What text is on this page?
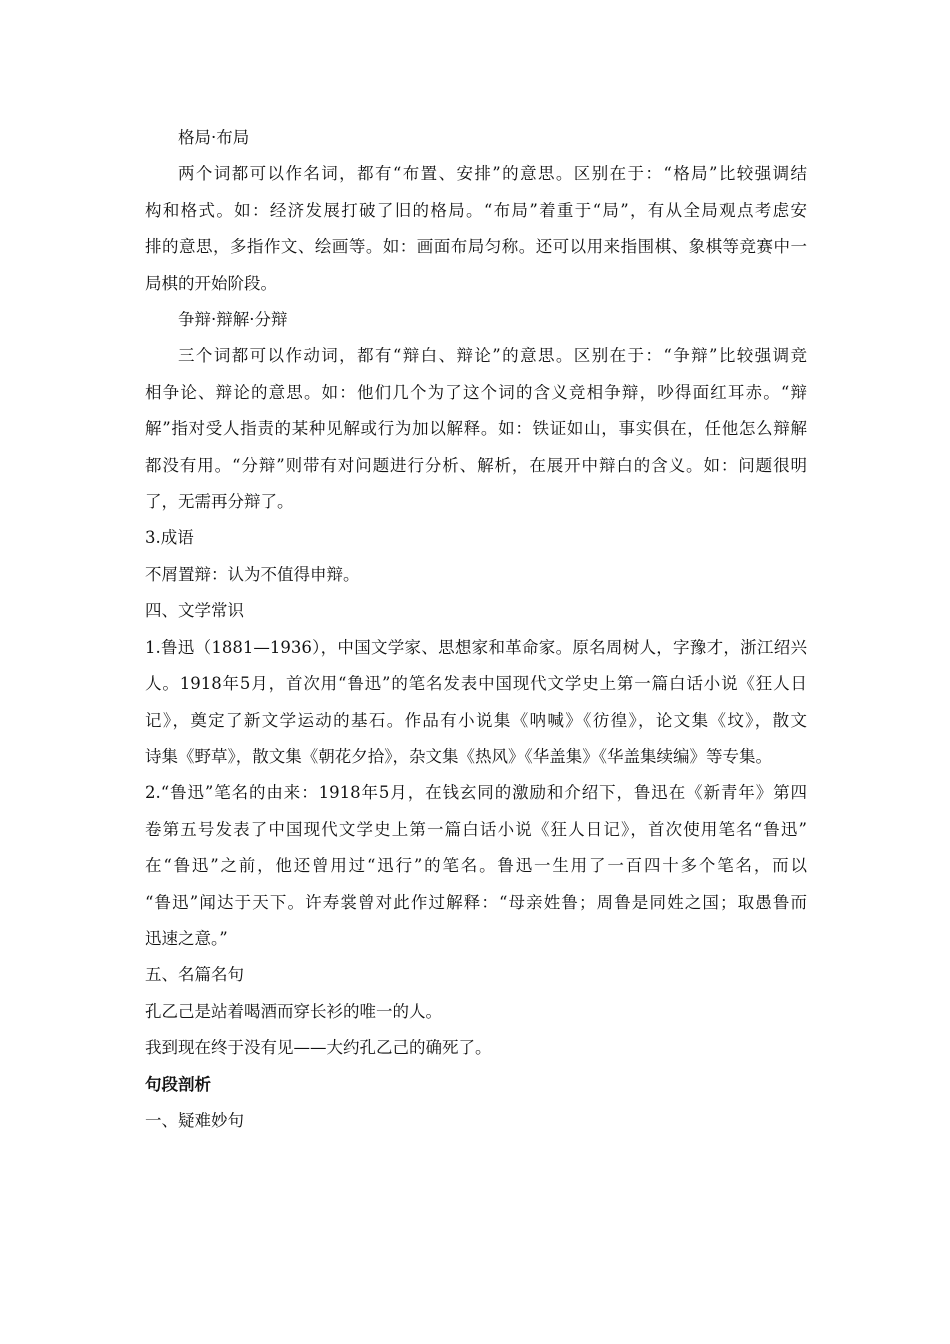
格局·布局
两个词都可以作名词，都有“布置、安排”的意思。区别在于：“格局”比较强调结
构和格式。如：经济发展打破了旧的格局。“布局”着重于“局”，有从全局观点考虑安
排的意思，多指作文、绘画等。如：画面布局匀称。还可以用来指围棋、象棋等竞赛中一
局棋的开始阶段。
争辩·辩解·分辩
三个词都可以作动词，都有“辩白、辩论”的意思。区别在于：“争辩”比较强调竞
相争论、辩论的意思。如：他们几个为了这个词的含义竞相争辩，吵得面红耳赤。“辩
解”指对受人指责的某种见解或行为加以解释。如：铁证如山，事实俱在，任他怎么辩解
都没有用。“分辩”则带有对问题进行分析、解析，在展开中辩白的含义。如：问题很明
了，无需再分辩了。
3.成语
不屑置辩：认为不值得申辩。
四、文学常识
1.鲁迅（1881—1936），中国文学家、思想家和革命家。原名周树人，字豫才，浙江绍兴
人。1918年5月，首次用“鲁迅”的笔名发表中国现代文学史上第一篇白话小说《狂人日
记》，奠定了新文学运动的基石。作品有小说集《呐喊》《彷徨》，论文集《坟》，散文
诗集《野草》，散文集《朝花夕拾》，杂文集《热风》《华盖集》《华盖集续编》等专集。
2.“鲁迅”笔名的由来：1918年5月，在钱玄同的激励和介绍下，鲁迅在《新青年》第四
卷第五号发表了中国现代文学史上第一篇白话小说《狂人日记》，首次使用笔名“鲁迅”
在“鲁迅”之前，他还曾用过“迅行”的笔名。鲁迅一生用了一百四十多个笔名，而以
“鲁迅”闻达于天下。许寿裳曾对此作过解释：“母亲姓鲁；周鲁是同姓之国；取愚鲁而
迅速之意。”
五、名篇名句
孔乙己是站着喝酒而穿长衫的唯一的人。
我到现在终于没有见——大约孔乙己的确死了。
句段剖析
一、疑难妙句
